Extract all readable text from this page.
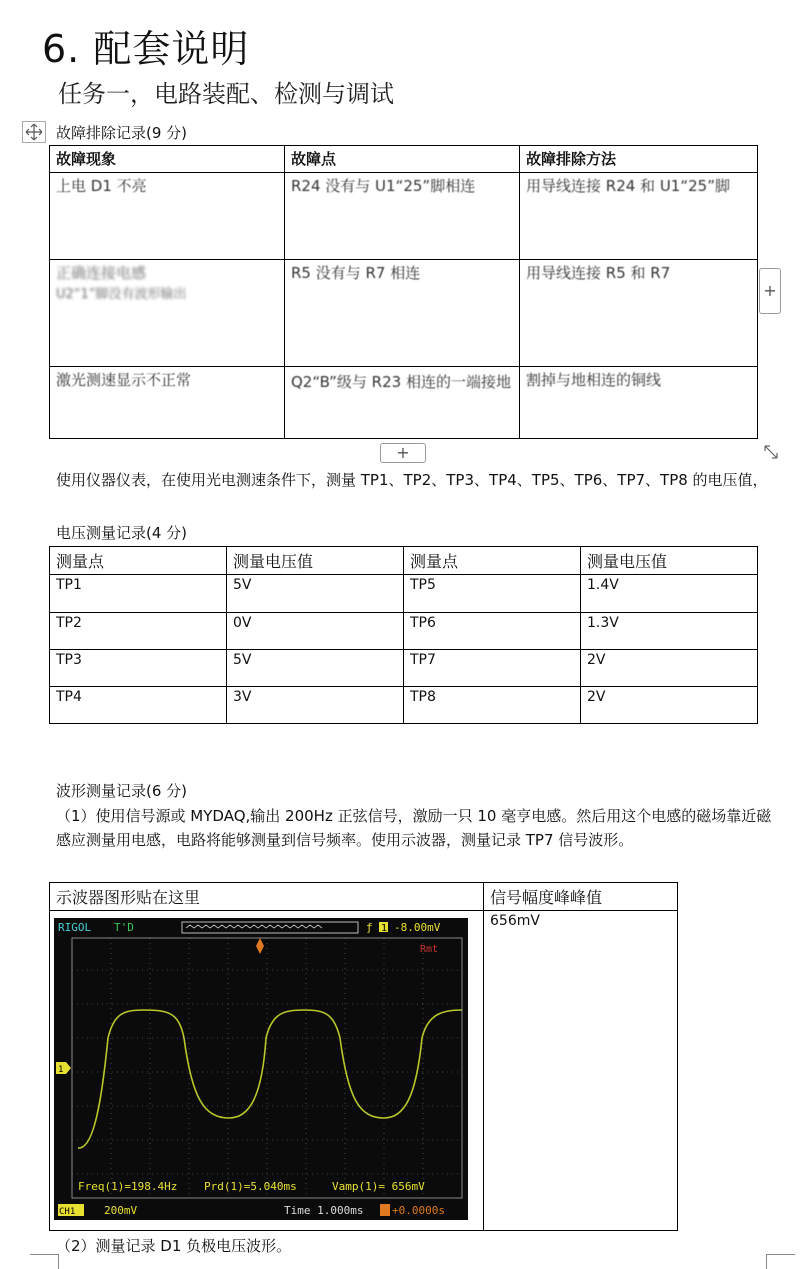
6. 配套说明
任务一，电路装配、检测与调试
故障排除记录(9 分)
故障现象	故障点	故障排除方法
上电 D1 不亮	R24 没有与 U1“25”脚相连	用导线连接 R24 和 U1“25”脚

正确连接电感
U2“1”脚没有波形输出	R5 没有与 R7 相连	用导线连接 R5 和 R7
激光测速显示不正常	Q2“B”级与 R23 相连的一端接地	割掉与地相连的铜线
+
+
使用仪器仪表，在使用光电测速条件下，测量 TP1、TP2、TP3、TP4、TP5、TP6、TP7、TP8 的电压值，
电压测量记录(4 分)
测量点	测量电压值	测量点	测量电压值
TP1	5V	TP5	1.4V
TP2	0V	TP6	1.3V
TP3	5V	TP7	2V
TP4	3V	TP8	2V
波形测量记录(6 分)
（1）使用信号源或 MYDAQ,输出 200Hz 正弦信号，激励一只 10 毫亨电感。然后用这个电感的磁场靠近磁感应测量用电感，电路将能够测量到信号频率。使用示波器，测量记录 TP7 信号波形。
示波器图形贴在这里	信号幅度峰峰值
	656mV
RIGOL T'D	ƒ 1 -8.00mV
Rmt
1
Freq(1)=198.4Hz Prd(1)=5.040ms	Vamp(1)= 656mV
CH1	200mV	Time 1.000ms	+0.0000s
（2）测量记录 D1 负极电压波形。
